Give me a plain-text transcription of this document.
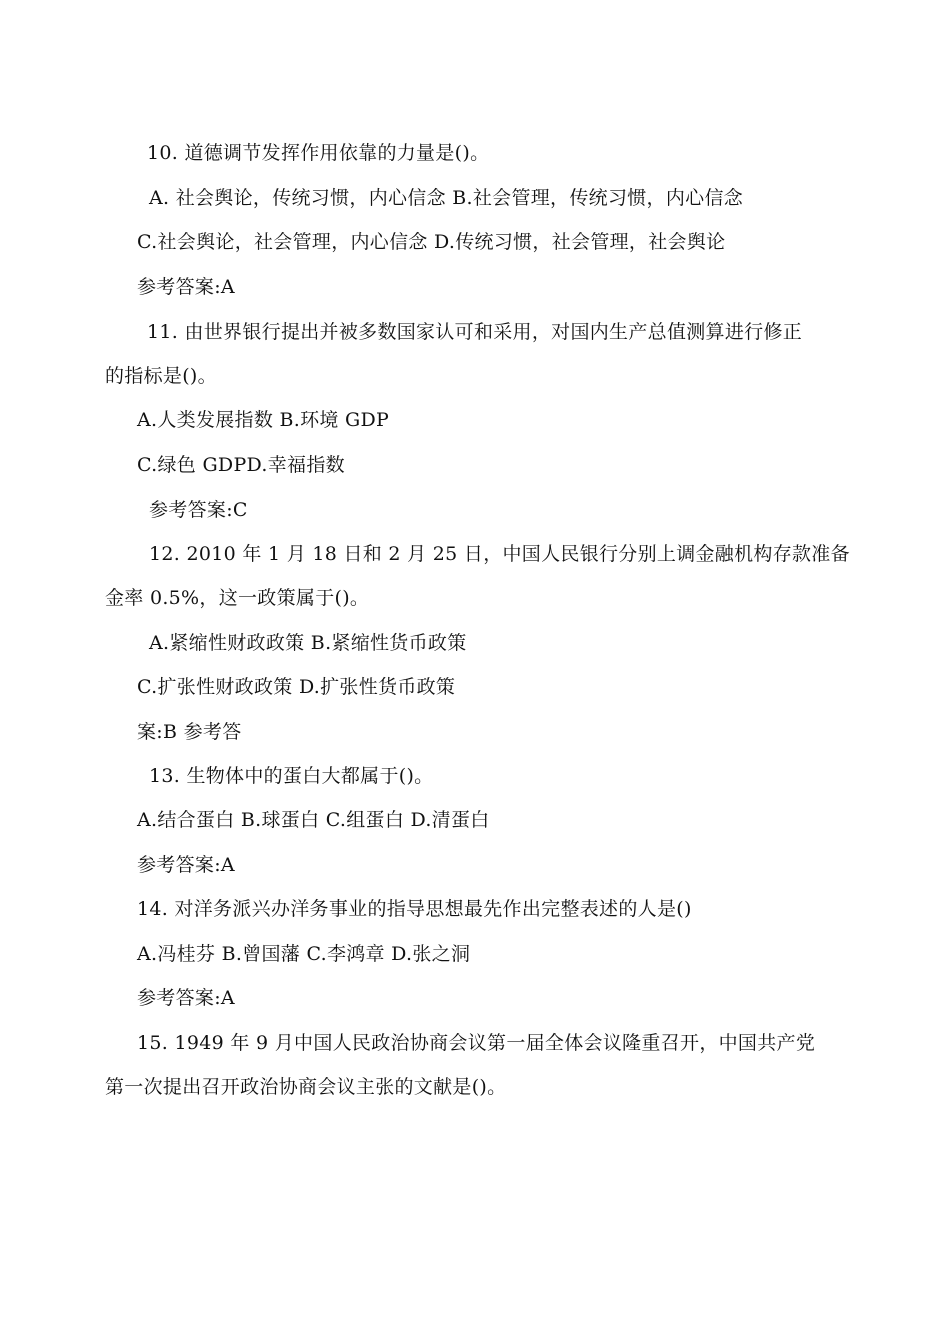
10. 道德调节发挥作用依靠的力量是()。
A. 社会舆论，传统习惯，内心信念 B.社会管理，传统习惯，内心信念
C.社会舆论，社会管理，内心信念 D.传统习惯，社会管理，社会舆论
参考答案:A
11. 由世界银行提出并被多数国家认可和采用，对国内生产总值测算进行修正
的指标是()。
A.人类发展指数 B.环境 GDP
C.绿色 GDPD.幸福指数
参考答案:C
12. 2010 年 1 月 18 日和 2 月 25 日，中国人民银行分别上调金融机构存款准备
金率 0.5%，这一政策属于()。
A.紧缩性财政政策 B.紧缩性货币政策
C.扩张性财政政策 D.扩张性货币政策
案:B 参考答
13. 生物体中的蛋白大都属于()。
A.结合蛋白 B.球蛋白 C.组蛋白 D.清蛋白
参考答案:A
14. 对洋务派兴办洋务事业的指导思想最先作出完整表述的人是()
A.冯桂芬 B.曾国藩 C.李鸿章 D.张之洞
参考答案:A
15. 1949 年 9 月中国人民政治协商会议第一届全体会议隆重召开，中国共产党
第一次提出召开政治协商会议主张的文献是()。
